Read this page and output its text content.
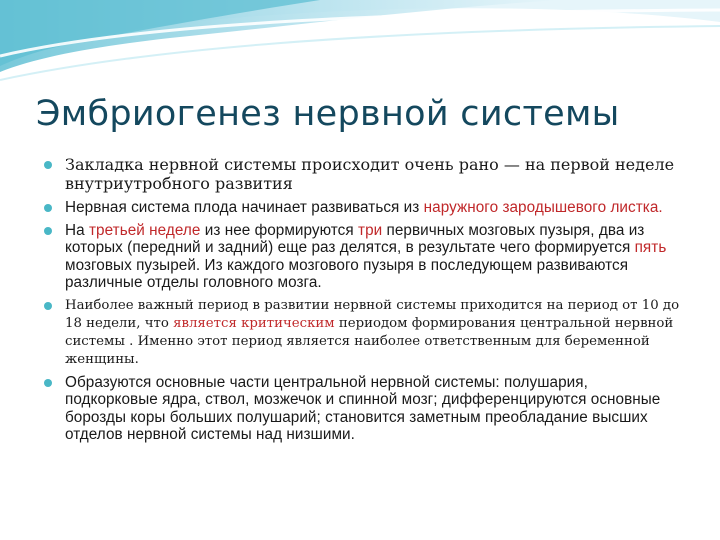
Эмбриогенез нервной системы
Закладка нервной системы происходит очень рано — на первой неделе внутриутробного развития
Нервная система плода начинает развиваться из наружного зародышевого листка.
На третьей неделе из нее формируются три первичных мозговых пузыря, два из которых (передний и задний) еще раз делятся, в результате чего формируется пять мозговых пузырей. Из каждого мозгового пузыря в последующем развиваются различные отделы головного мозга.
Наиболее важный период в развитии нервной системы приходится на период от 10 до 18 недели, что является критическим периодом формирования центральной нервной системы . Именно этот период является наиболее ответственным для беременной женщины.
Образуются основные части центральной нервной системы: полушария, подкорковые ядра, ствол, мозжечок и спинной мозг; дифференцируются основные борозды коры больших полушарий; становится заметным преобладание высших отделов нервной системы над низшими.
